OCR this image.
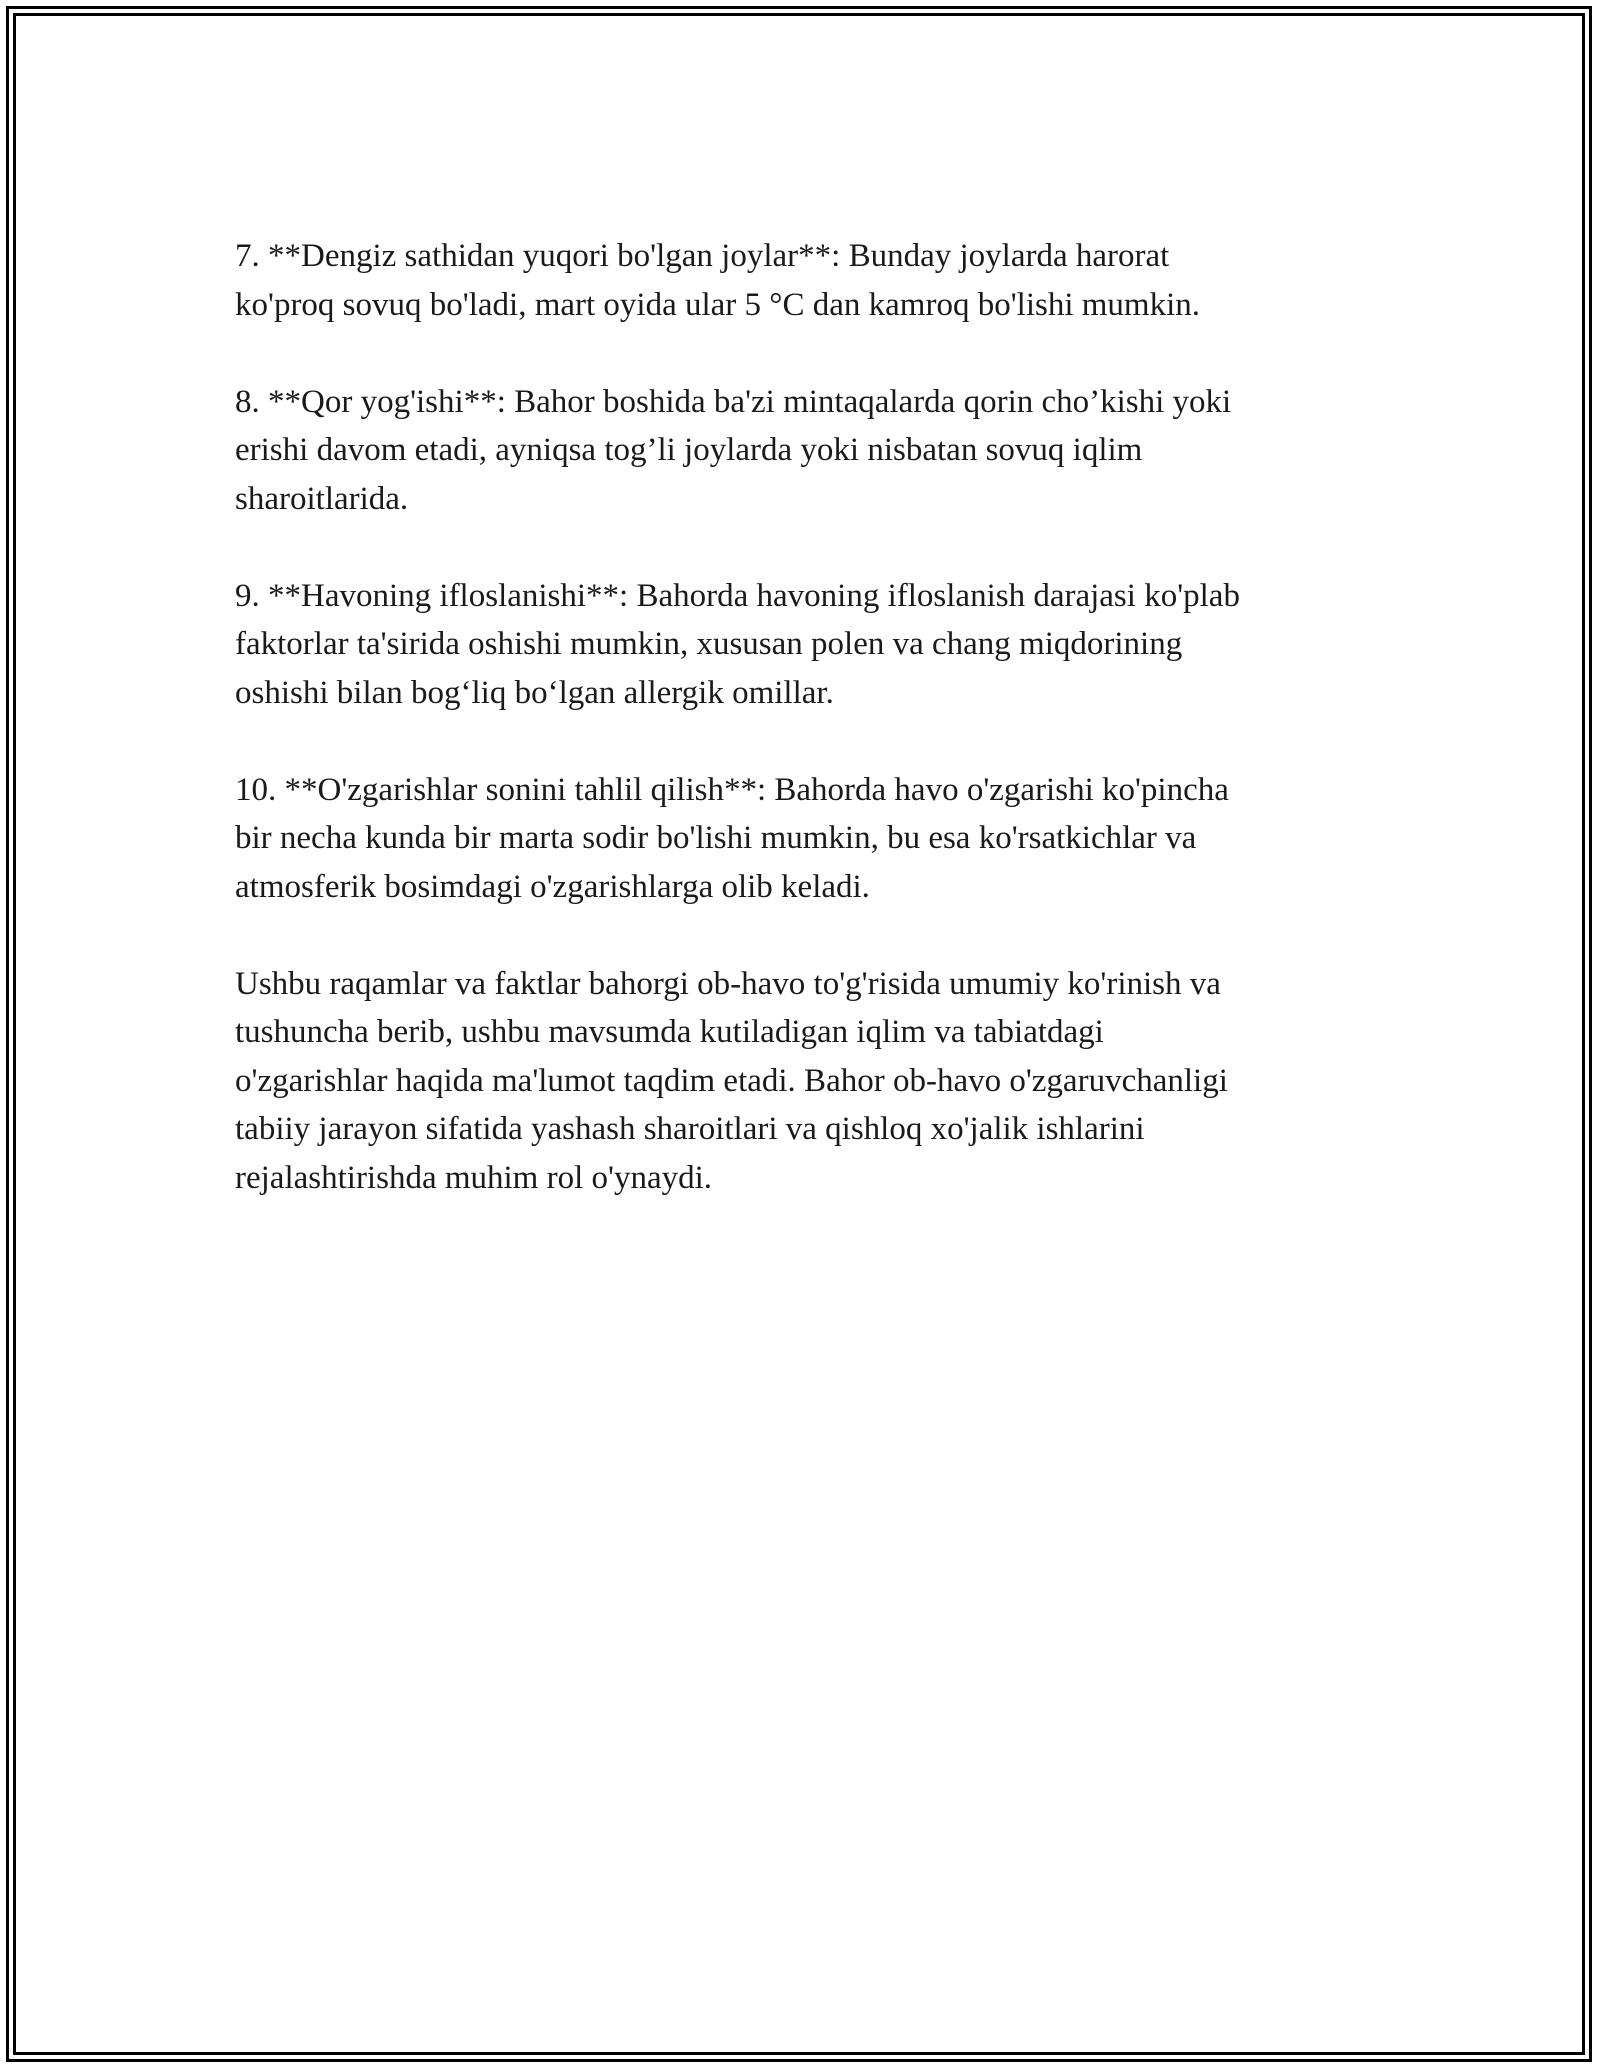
7. **Dengiz sathidan yuqori bo'lgan joylar**: Bunday joylarda harorat
ko'proq sovuq bo'ladi, mart oyida ular 5 °C dan kamroq bo'lishi mumkin.

8. **Qor yog'ishi**: Bahor boshida ba'zi mintaqalarda qorin cho’kishi yoki
erishi davom etadi, ayniqsa tog’li joylarda yoki nisbatan sovuq iqlim
sharoitlarida.

9. **Havoning ifloslanishi**: Bahorda havoning ifloslanish darajasi ko'plab
faktorlar ta'sirida oshishi mumkin, xususan polen va chang miqdorining
oshishi bilan bog‘liq bo‘lgan allergik omillar.

10. **O'zgarishlar sonini tahlil qilish**: Bahorda havo o'zgarishi ko'pincha
bir necha kunda bir marta sodir bo'lishi mumkin, bu esa ko'rsatkichlar va
atmosferik bosimdagi o'zgarishlarga olib keladi.

Ushbu raqamlar va faktlar bahorgi ob-havo to'g'risida umumiy ko'rinish va
tushuncha berib, ushbu mavsumda kutiladigan iqlim va tabiatdagi
o'zgarishlar haqida ma'lumot taqdim etadi. Bahor ob-havo o'zgaruvchanligi
tabiiy jarayon sifatida yashash sharoitlari va qishloq xo'jalik ishlarini
rejalashtirishda muhim rol o'ynaydi.
